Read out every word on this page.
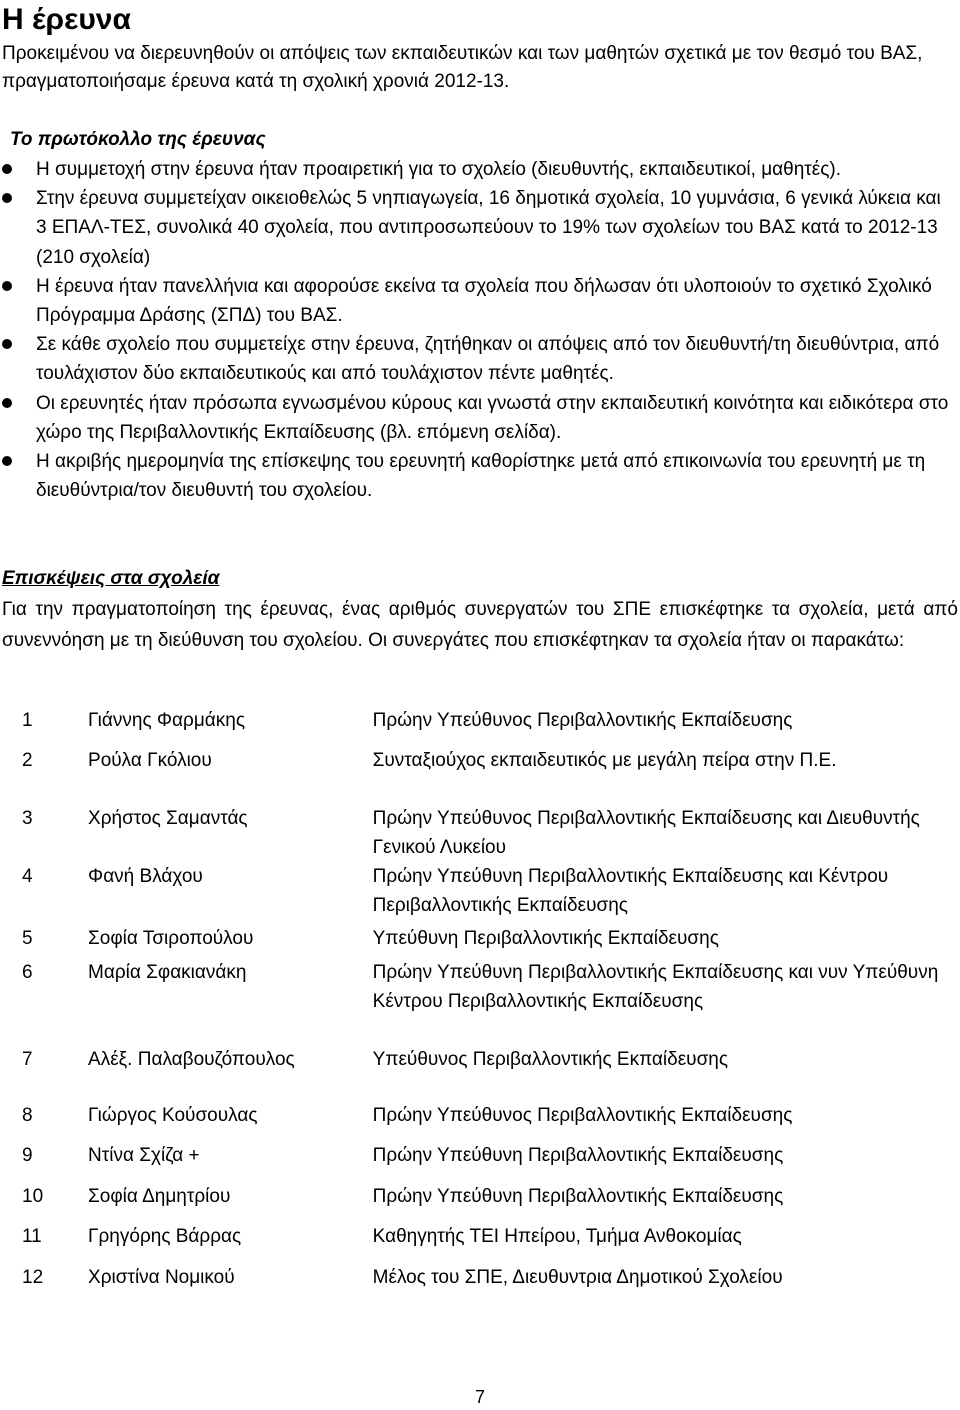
Η έρευνα

Προκειμένου να διερευνηθούν οι απόψεις των εκπαιδευτικών και των μαθητών σχετικά με τον θεσμό του ΒΑΣ, πραγματοποιήσαμε έρευνα κατά τη σχολική χρονιά 2012-13.

Το πρωτόκολλο της έρευνας

Η συμμετοχή στην έρευνα ήταν προαιρετική για το σχολείο (διευθυντής, εκπαιδευτικοί, μαθητές).
Στην έρευνα συμμετείχαν οικειοθελώς 5 νηπιαγωγεία, 16 δημοτικά σχολεία, 10 γυμνάσια, 6 γενικά λύκεια και 3 ΕΠΑΛ-ΤΕΣ, συνολικά 40 σχολεία, που αντιπροσωπεύουν το 19% των σχολείων του ΒΑΣ κατά το 2012-13 (210 σχολεία)
Η έρευνα ήταν πανελλήνια και αφορούσε εκείνα τα σχολεία που δήλωσαν ότι υλοποιούν το σχετικό Σχολικό Πρόγραμμα Δράσης (ΣΠΔ) του ΒΑΣ.
Σε κάθε σχολείο που συμμετείχε στην έρευνα, ζητήθηκαν οι απόψεις από τον διευθυντή/τη διευθύντρια, από τουλάχιστον δύο εκπαιδευτικούς και από τουλάχιστον πέντε μαθητές.
Οι ερευνητές ήταν πρόσωπα εγνωσμένου κύρους και γνωστά στην εκπαιδευτική κοινότητα και ειδικότερα στο χώρο της Περιβαλλοντικής Εκπαίδευσης (βλ. επόμενη σελίδα).
Η ακριβής ημερομηνία της επίσκεψης του ερευνητή καθορίστηκε μετά από επικοινωνία του ερευνητή με τη διευθύντρια/τον διευθυντή του σχολείου.

Επισκέψεις στα σχολεία

Για την πραγματοποίηση της έρευνας, ένας αριθμός συνεργατών του ΣΠΕ επισκέφτηκε τα σχολεία, μετά από συνεννόηση με τη διεύθυνση του σχολείου. Οι συνεργάτες που επισκέφτηκαν τα σχολεία ήταν οι παρακάτω:

1	Γιάννης Φαρμάκης	Πρώην Υπεύθυνος Περιβαλλοντικής Εκπαίδευσης
2	Ρούλα Γκόλιου	Συνταξιούχος εκπαιδευτικός με μεγάλη πείρα στην Π.Ε.
3	Χρήστος Σαμαντάς	Πρώην Υπεύθυνος Περιβαλλοντικής Εκπαίδευσης και Διευθυντής Γενικού Λυκείου
4	Φανή Βλάχου	Πρώην Υπεύθυνη Περιβαλλοντικής Εκπαίδευσης και Κέντρου Περιβαλλοντικής Εκπαίδευσης
5	Σοφία Τσιροπούλου	Υπεύθυνη Περιβαλλοντικής Εκπαίδευσης
6	Μαρία Σφακιανάκη	Πρώην Υπεύθυνη Περιβαλλοντικής Εκπαίδευσης και νυν Υπεύθυνη Κέντρου Περιβαλλοντικής Εκπαίδευσης
7	Αλέξ. Παλαβουζόπουλος	Υπεύθυνος Περιβαλλοντικής Εκπαίδευσης
8	Γιώργος Κούσουλας	Πρώην Υπεύθυνος Περιβαλλοντικής Εκπαίδευσης
9	Ντίνα Σχίζα +	Πρώην Υπεύθυνη Περιβαλλοντικής Εκπαίδευσης
10	Σοφία Δημητρίου	Πρώην Υπεύθυνη Περιβαλλοντικής Εκπαίδευσης
11	Γρηγόρης Βάρρας	Καθηγητής ΤΕΙ Ηπείρου, Τμήμα Ανθοκομίας
12	Χριστίνα Νομικού	Μέλος του ΣΠΕ, Διευθυντρια Δημοτικού Σχολείου

7
